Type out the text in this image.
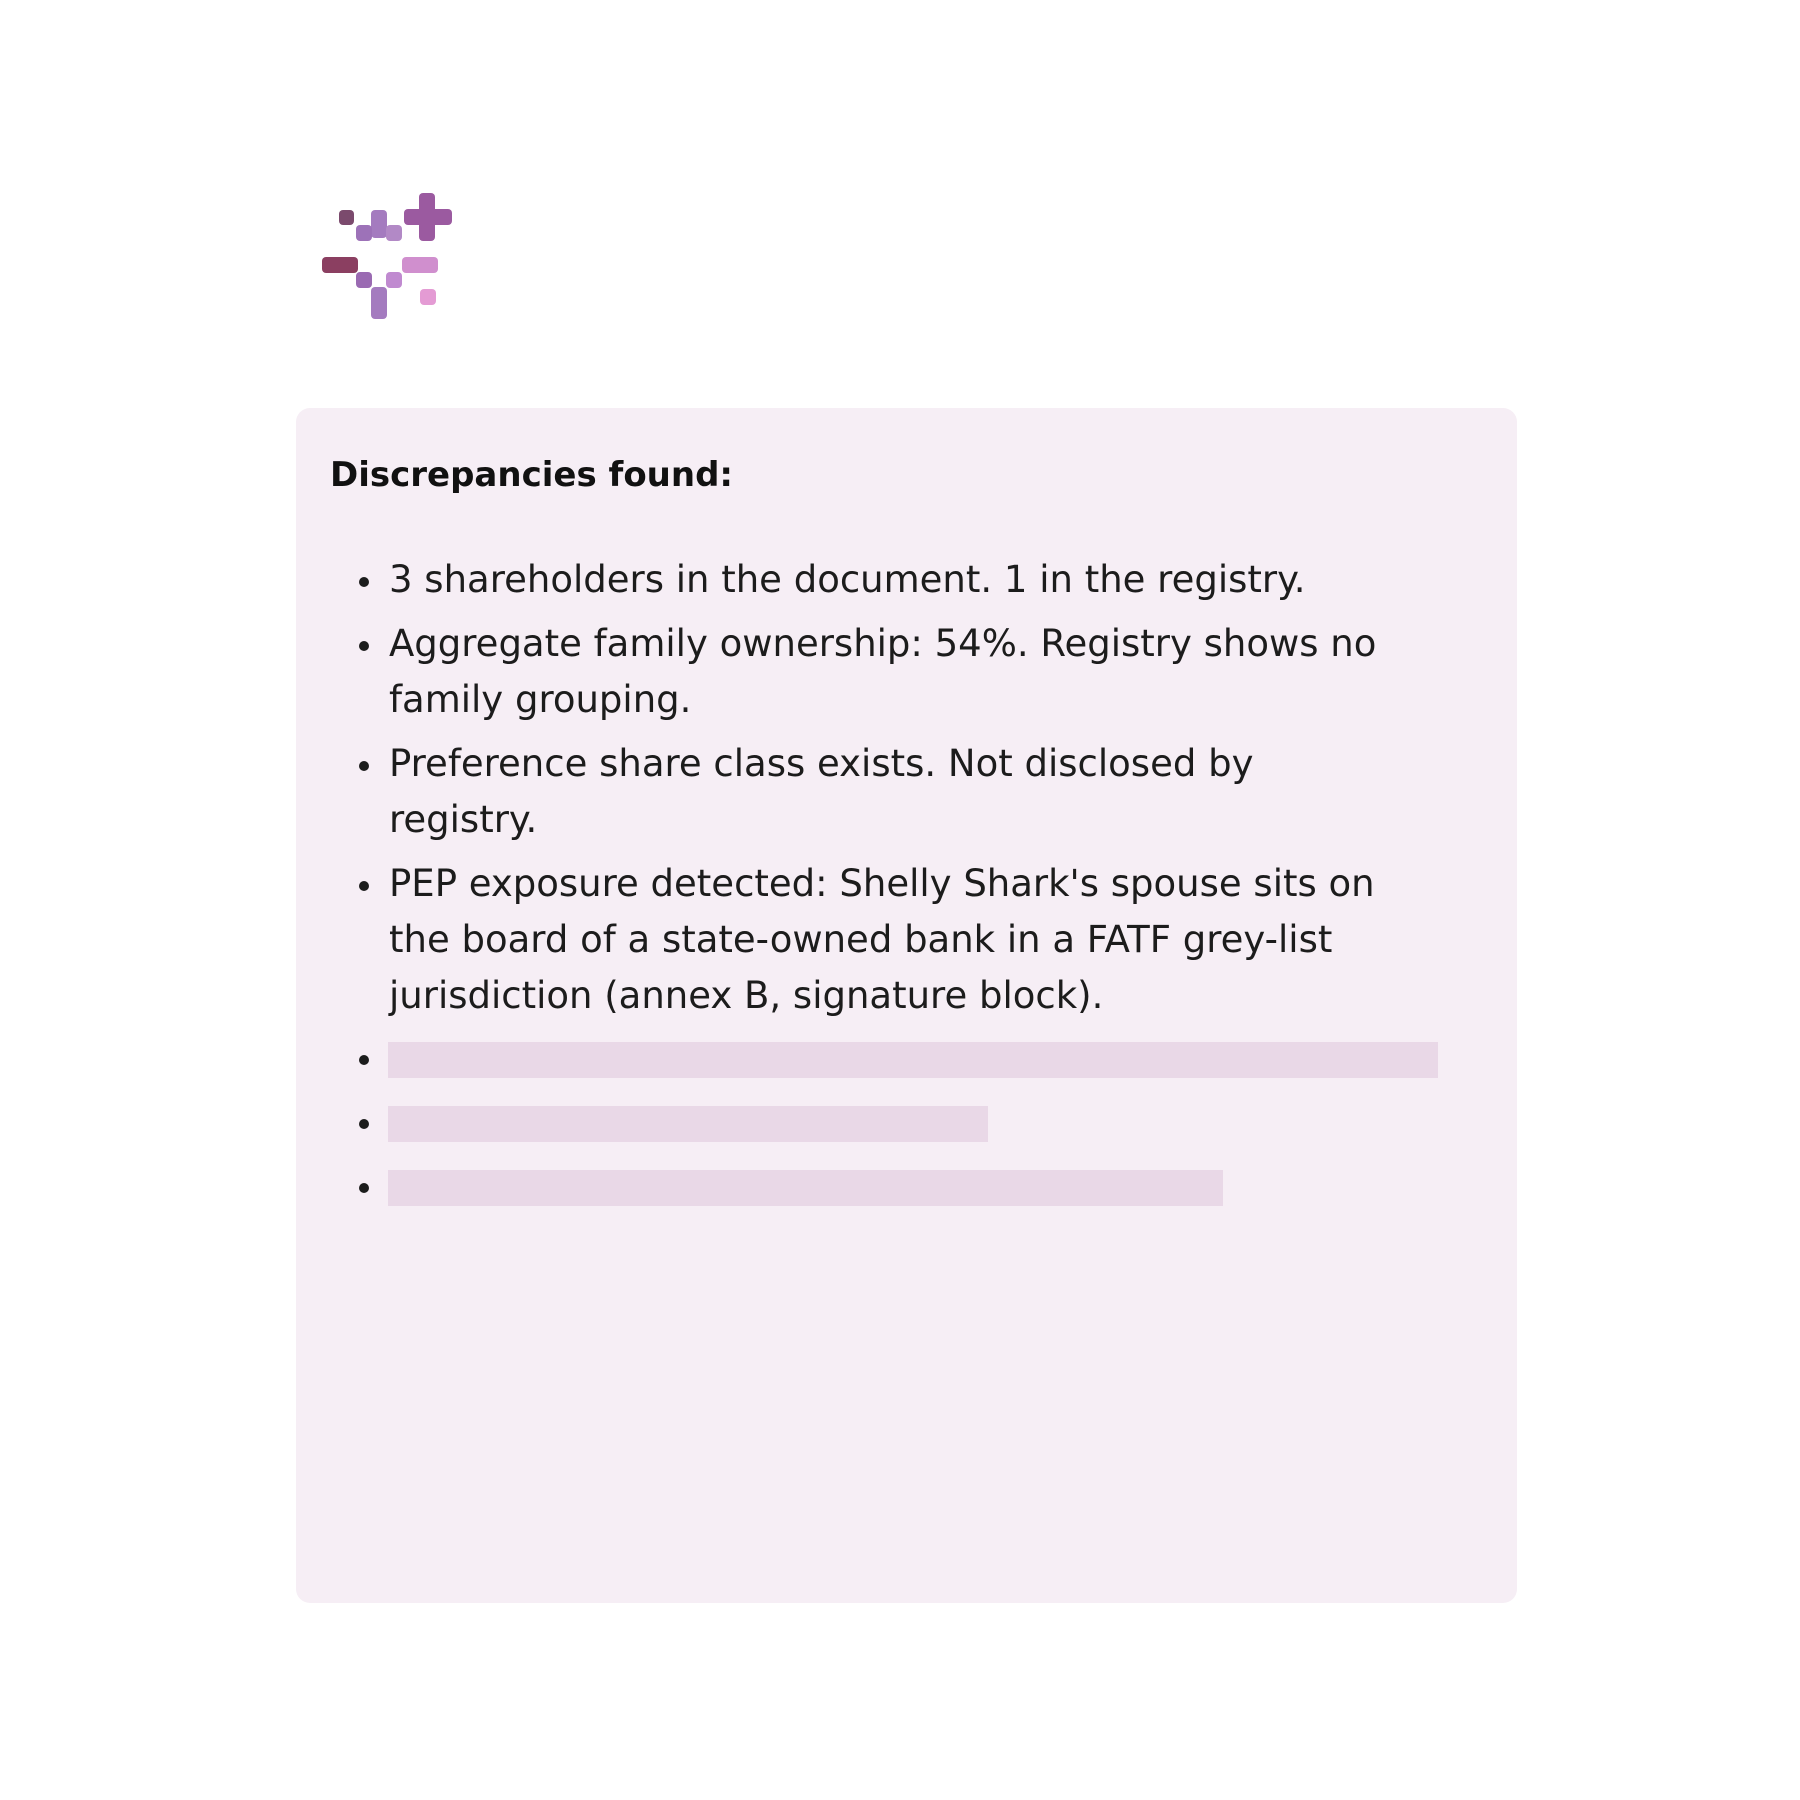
Discrepancies found:
3 shareholders in the document. 1 in the registry.
Aggregate family ownership: 54%. Registry shows no family grouping.
Preference share class exists. Not disclosed by registry.
PEP exposure detected: Shelly Shark's spouse sits on the board of a state-owned bank in a FATF grey-list jurisdiction (annex B, signature block).
